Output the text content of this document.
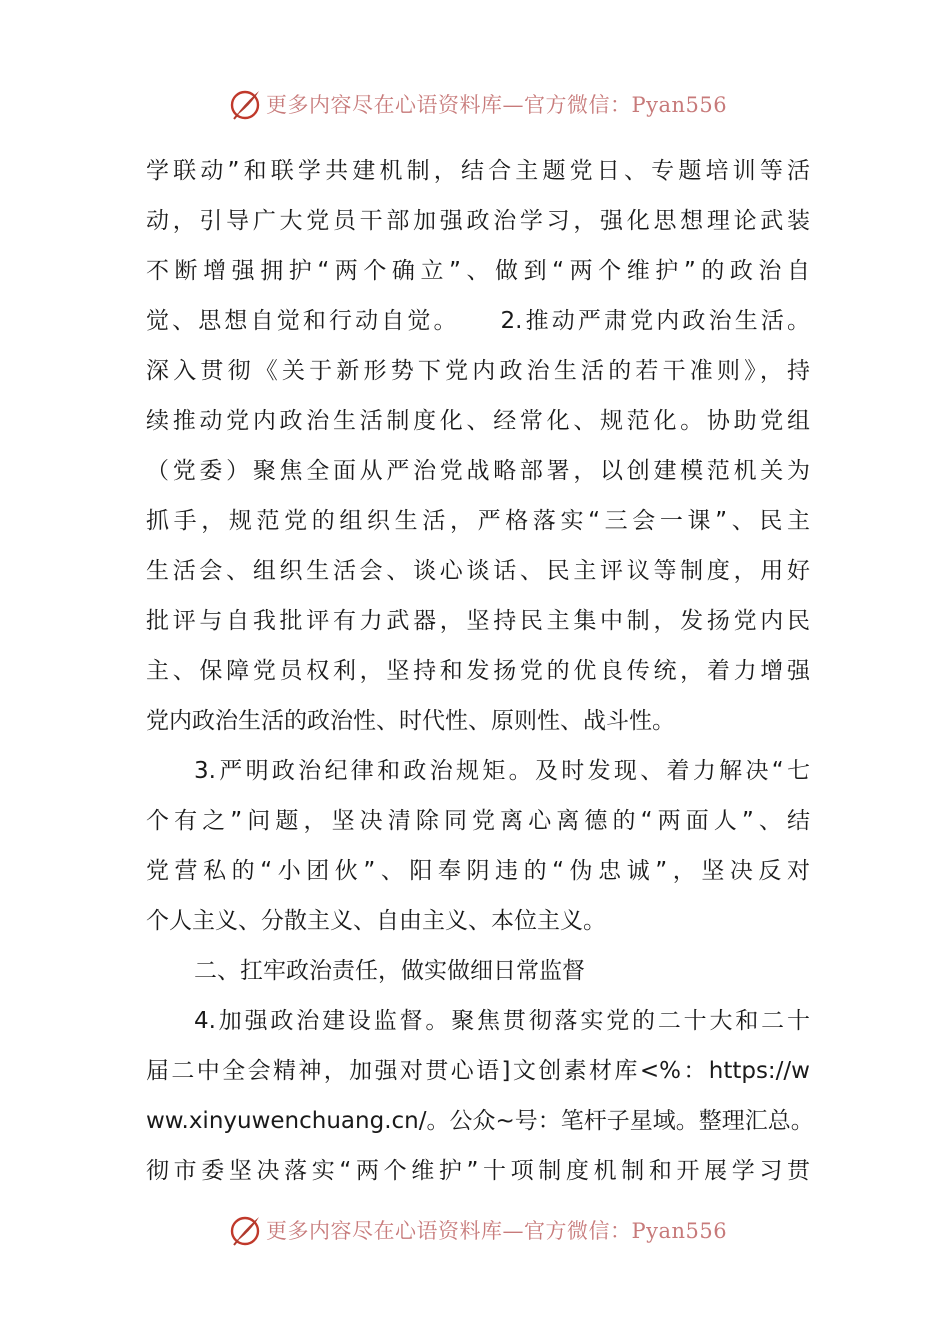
更多内容尽在心语资料库—官方微信：Pyan556
学联动”和联学共建机制，结合主题党日、专题培训等活
动，引导广大党员干部加强政治学习，强化思想理论武装
不断增强拥护“两个确立”、做到“两个维护”的政治自
觉、思想自觉和行动自觉。　　2.推动严肃党内政治生活。
深入贯彻《关于新形势下党内政治生活的若干准则》，持
续推动党内政治生活制度化、经常化、规范化。协助党组
（党委）聚焦全面从严治党战略部署，以创建模范机关为
抓手，规范党的组织生活，严格落实“三会一课”、民主
生活会、组织生活会、谈心谈话、民主评议等制度，用好
批评与自我批评有力武器，坚持民主集中制，发扬党内民
主、保障党员权利，坚持和发扬党的优良传统，着力增强
党内政治生活的政治性、时代性、原则性、战斗性。
3.严明政治纪律和政治规矩。及时发现、着力解决“七
个有之”问题，坚决清除同党离心离德的“两面人”、结
党营私的“小团伙”、阳奉阴违的“伪忠诚”，坚决反对
个人主义、分散主义、自由主义、本位主义。
二、扛牢政治责任，做实做细日常监督
4.加强政治建设监督。聚焦贯彻落实党的二十大和二十
届二中全会精神，加强对贯心语]文创素材库<%：https://w
ww.xinyuwenchuang.cn/。公众~号：笔杆子星域。整理汇总。
彻市委坚决落实“两个维护”十项制度机制和开展学习贯
更多内容尽在心语资料库—官方微信：Pyan556
